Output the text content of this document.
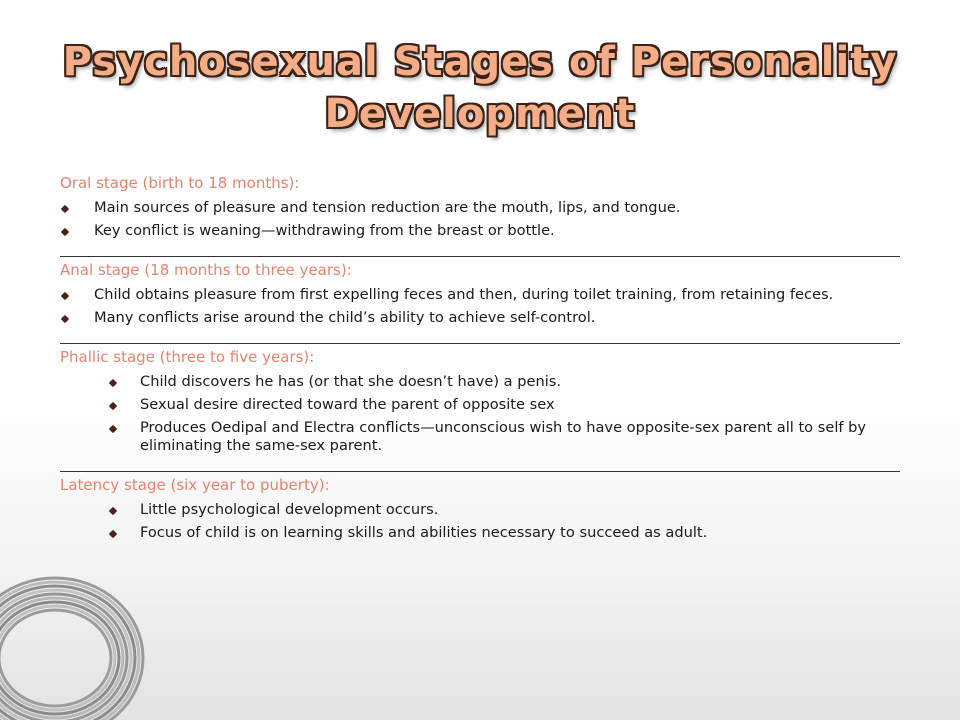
Psychosexual Stages of Personality Development
Oral stage (birth to 18 months):
Main sources of pleasure and tension reduction are the mouth, lips, and tongue.
Key conflict is weaning—withdrawing from the breast or bottle.
Anal stage (18 months to three years):
Child obtains pleasure from first expelling feces and then, during toilet training, from retaining feces.
Many conflicts arise around the child’s ability to achieve self-control.
Phallic stage (three to five years):
Child discovers he has (or that she doesn’t have) a penis.
Sexual desire directed toward the parent of opposite sex
Produces Oedipal and Electra conflicts—unconscious wish to have opposite-sex parent all to self by eliminating the same-sex parent.
Latency stage (six year to puberty):
Little psychological development occurs.
Focus of child is on learning skills and abilities necessary to succeed as adult.
